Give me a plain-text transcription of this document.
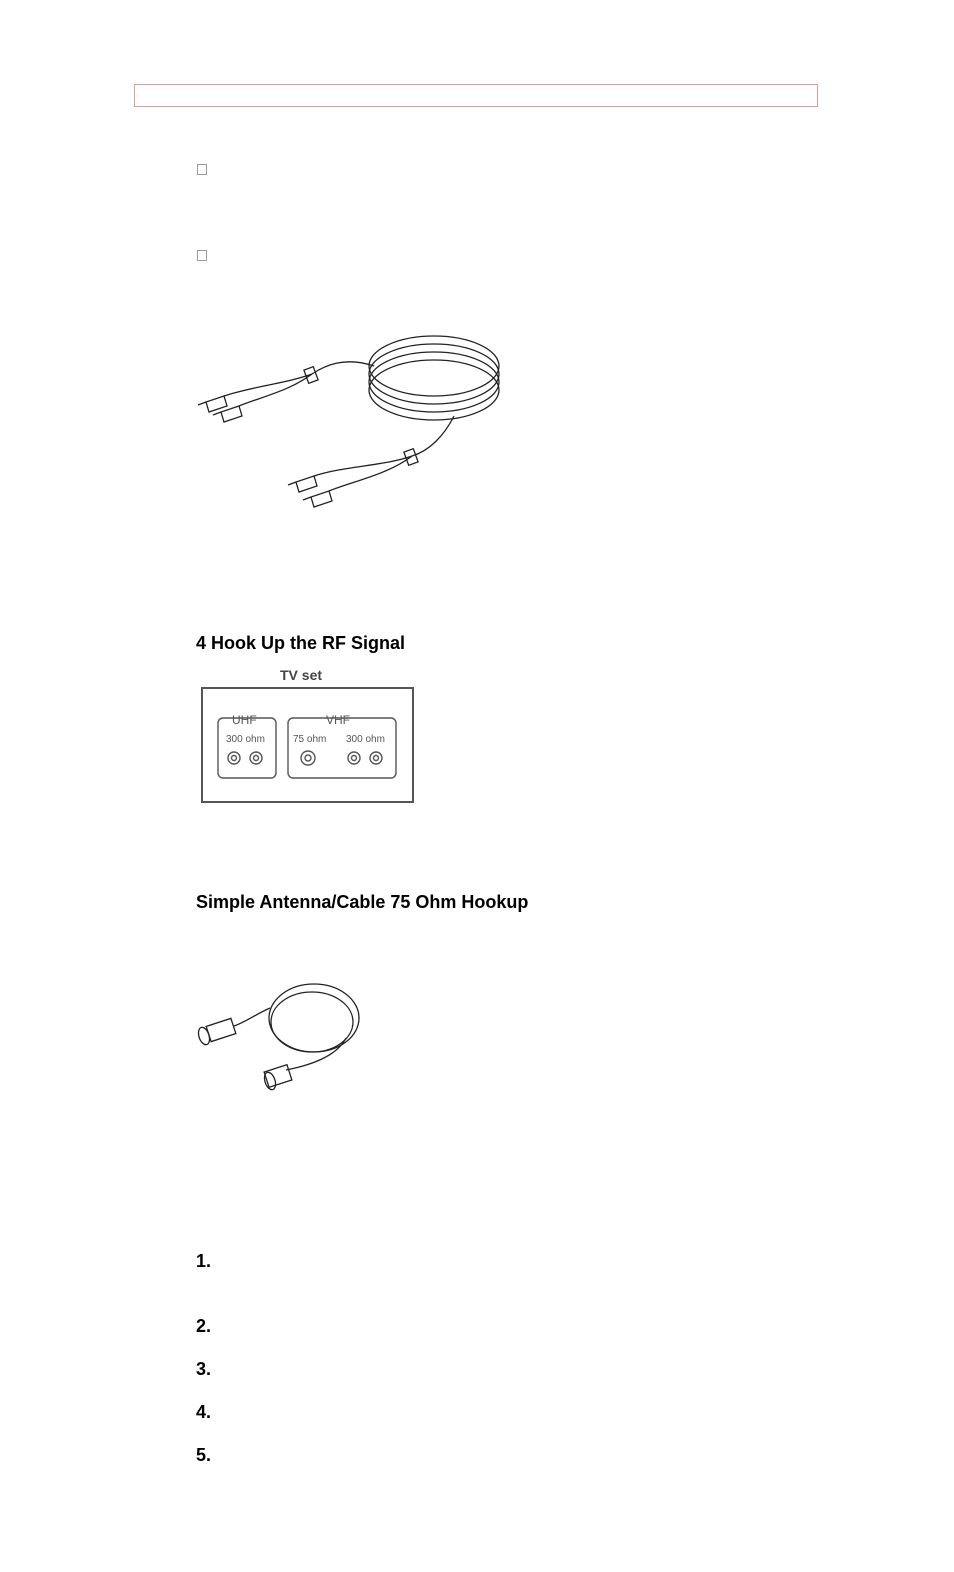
4 Hook Up the RF Signal
TV set
UHF
300 ohm
VHF
75 ohm 300 ohm
Simple Antenna/Cable 75 Ohm Hookup
1.
2.
3.
4.
5.
